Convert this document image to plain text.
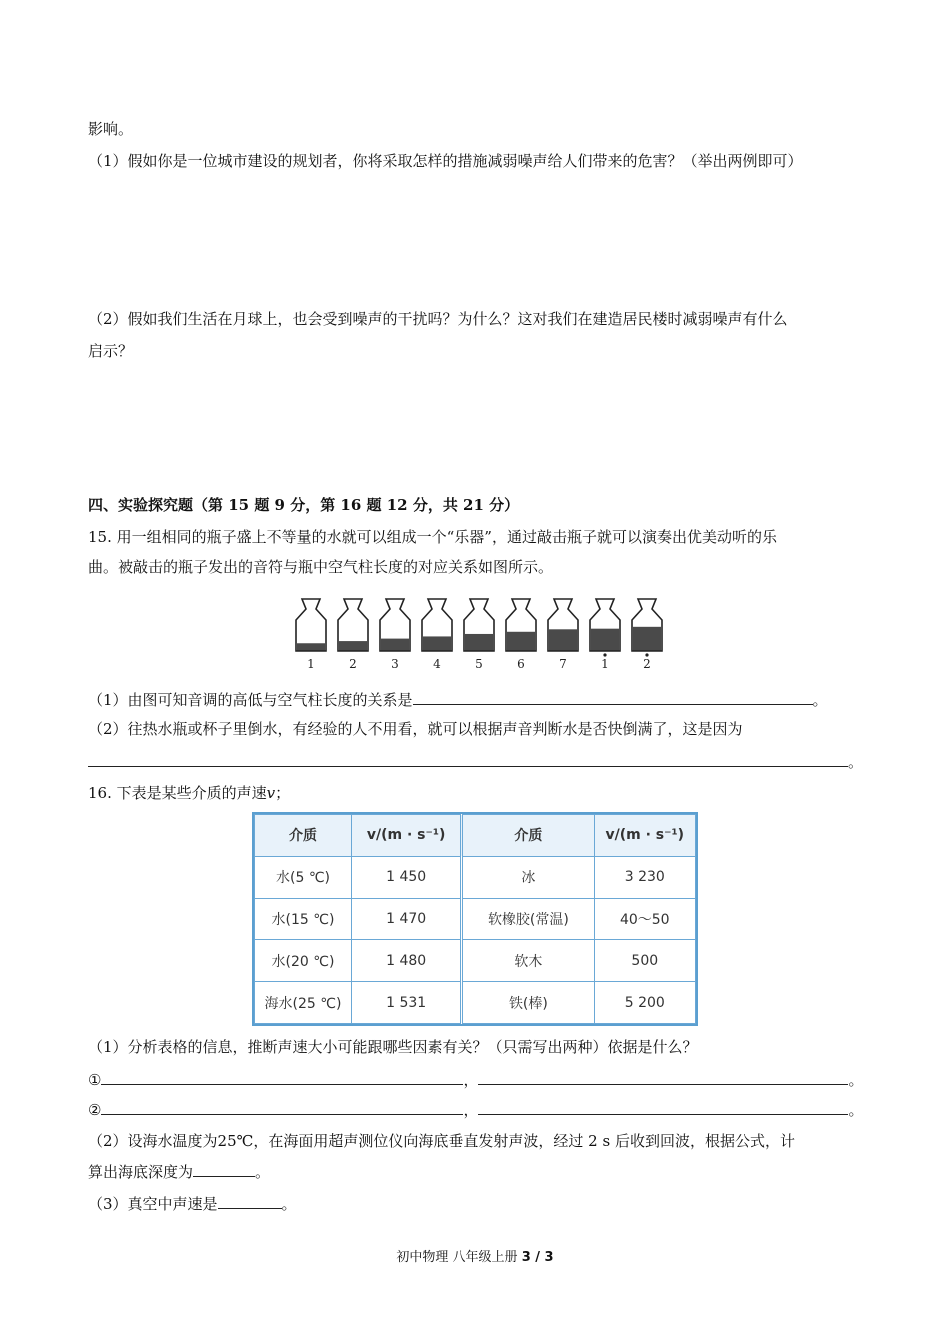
影响。
（1）假如你是一位城市建设的规划者，你将采取怎样的措施减弱噪声给人们带来的危害？（举出两例即可）
（2）假如我们生活在月球上，也会受到噪声的干扰吗？为什么？这对我们在建造居民楼时减弱噪声有什么
启示？
四、实验探究题（第 15 题 9 分，第 16 题 12 分，共 21 分）
15. 用一组相同的瓶子盛上不等量的水就可以组成一个“乐器”，通过敲击瓶子就可以演奏出优美动听的乐
曲。被敲击的瓶子发出的音符与瓶中空气柱长度的对应关系如图所示。
1	2	3	4	5	6	7	1	2
（1）由图可知音调的高低与空气柱长度的关系是	。
（2）往热水瓶或杯子里倒水，有经验的人不用看，就可以根据声音判断水是否快倒满了，这是因为
。
16. 下表是某些介质的声速v；
介质	v/(m · s⁻¹)	介质	v/(m · s⁻¹)
水(5 ℃)	1 450	冰	3 230
水(15 ℃)	1 470	软橡胶(常温)	40～50
水(20 ℃)	1 480	软木	500
海水(25 ℃)	1 531	铁(棒)	5 200
（1）分析表格的信息，推断声速大小可能跟哪些因素有关？（只需写出两种）依据是什么？
①	，	。
②	，	。
（2）设海水温度为25℃，在海面用超声测位仪向海底垂直发射声波，经过 2 s 后收到回波，根据公式，计
算出海底深度为	。
（3）真空中声速是	。
初中物理 八年级上册 3 / 3
